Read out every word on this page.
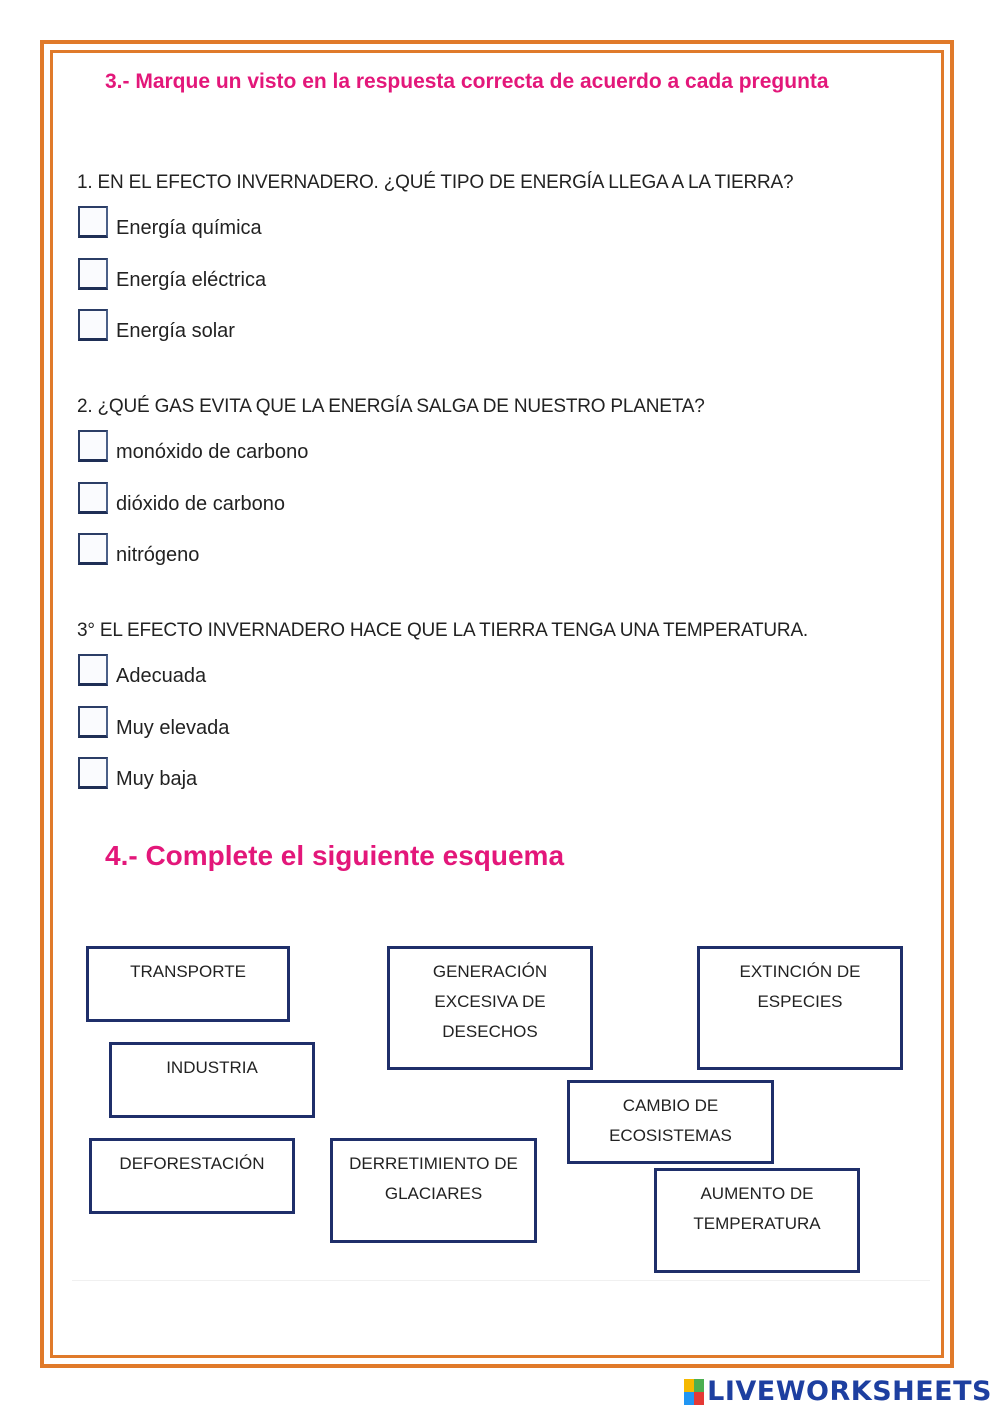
3.- Marque un visto en la respuesta correcta de acuerdo a cada pregunta
1. EN EL EFECTO INVERNADERO. ¿QUÉ TIPO DE ENERGÍA LLEGA A LA TIERRA?
Energía química
Energía eléctrica
Energía solar
2. ¿QUÉ GAS EVITA QUE LA ENERGÍA SALGA DE NUESTRO PLANETA?
monóxido de carbono
dióxido de carbono
nitrógeno
3° EL EFECTO INVERNADERO HACE QUE LA TIERRA TENGA UNA TEMPERATURA.
Adecuada
Muy elevada
Muy baja
4.- Complete el siguiente esquema
TRANSPORTE	GENERACIÓN
EXCESIVA DE
DESECHOS
EXTINCIÓN DE
ESPECIES
INDUSTRIA
CAMBIO DE
ECOSISTEMAS
DEFORESTACIÓN	DERRETIMIENTO DE
GLACIARES	AUMENTO DE
TEMPERATURA
LIVEWORKSHEETS
